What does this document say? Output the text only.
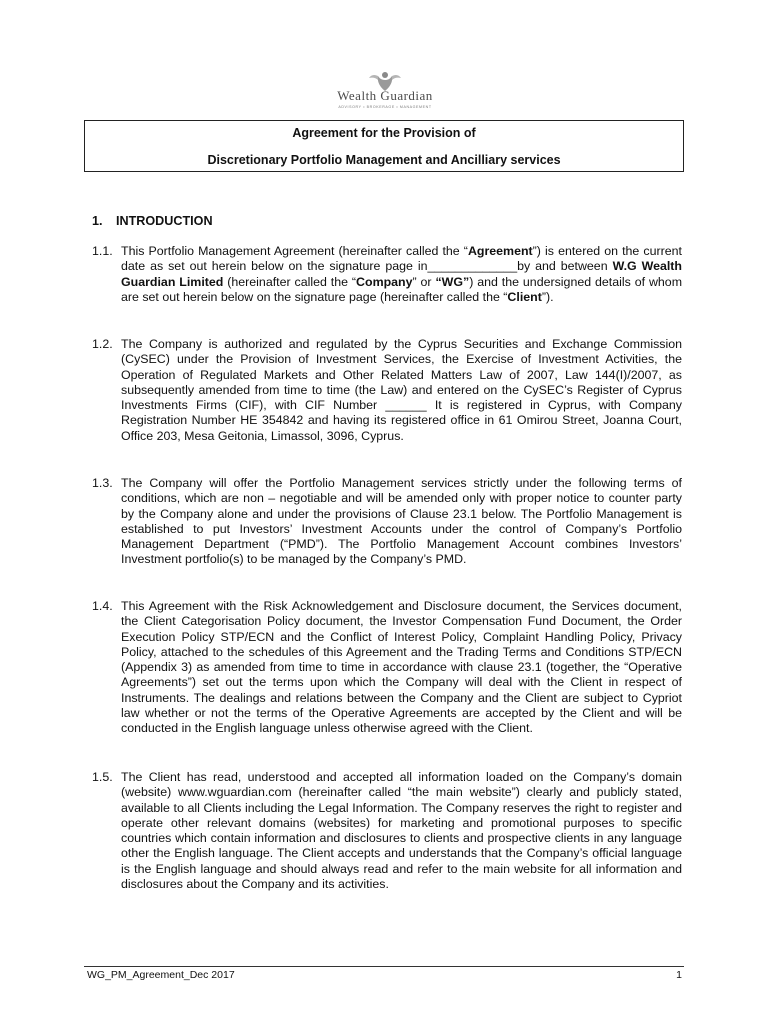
Wealth Guardian
ADVISORY • BROKERAGE • MANAGEMENT
Agreement for the Provision of
Discretionary Portfolio Management and Ancilliary services
1. INTRODUCTION
1.1. This Portfolio Management Agreement (hereinafter called the “Agreement”) is entered on the current date as set out herein below on the signature page in_____________by and between W.G Wealth Guardian Limited (hereinafter called the “Company” or “WG”) and the undersigned details of whom are set out herein below on the signature page (hereinafter called the “Client”).
1.2. The Company is authorized and regulated by the Cyprus Securities and Exchange Commission (CySEC) under the Provision of Investment Services, the Exercise of Investment Activities, the Operation of Regulated Markets and Other Related Matters Law of 2007, Law 144(I)/2007, as subsequently amended from time to time (the Law) and entered on the CySEC’s Register of Cyprus Investments Firms (CIF), with CIF Number ______ It is registered in Cyprus, with Company Registration Number HE 354842 and having its registered office in 61 Omirou Street, Joanna Court, Office 203, Mesa Geitonia, Limassol, 3096, Cyprus.
1.3. The Company will offer the Portfolio Management services strictly under the following terms of conditions, which are non – negotiable and will be amended only with proper notice to counter party by the Company alone and under the provisions of Clause 23.1 below. The Portfolio Management is established to put Investors’ Investment Accounts under the control of Company’s Portfolio Management Department (“PMD”). The Portfolio Management Account combines Investors’ Investment portfolio(s) to be managed by the Company’s PMD.
1.4. This Agreement with the Risk Acknowledgement and Disclosure document, the Services document, the Client Categorisation Policy document, the Investor Compensation Fund Document, the Order Execution Policy STP/ECN and the Conflict of Interest Policy, Complaint Handling Policy, Privacy Policy, attached to the schedules of this Agreement and the Trading Terms and Conditions STP/ECN (Appendix 3) as amended from time to time in accordance with clause 23.1 (together, the “Operative Agreements”) set out the terms upon which the Company will deal with the Client in respect of Instruments. The dealings and relations between the Company and the Client are subject to Cypriot law whether or not the terms of the Operative Agreements are accepted by the Client and will be conducted in the English language unless otherwise agreed with the Client.
1.5. The Client has read, understood and accepted all information loaded on the Company’s domain (website) www.wguardian.com (hereinafter called “the main website”) clearly and publicly stated, available to all Clients including the Legal Information. The Company reserves the right to register and operate other relevant domains (websites) for marketing and promotional purposes to specific countries which contain information and disclosures to clients and prospective clients in any language other the English language. The Client accepts and understands that the Company’s official language is the English language and should always read and refer to the main website for all information and disclosures about the Company and its activities.
WG_PM_Agreement_Dec 2017	1
